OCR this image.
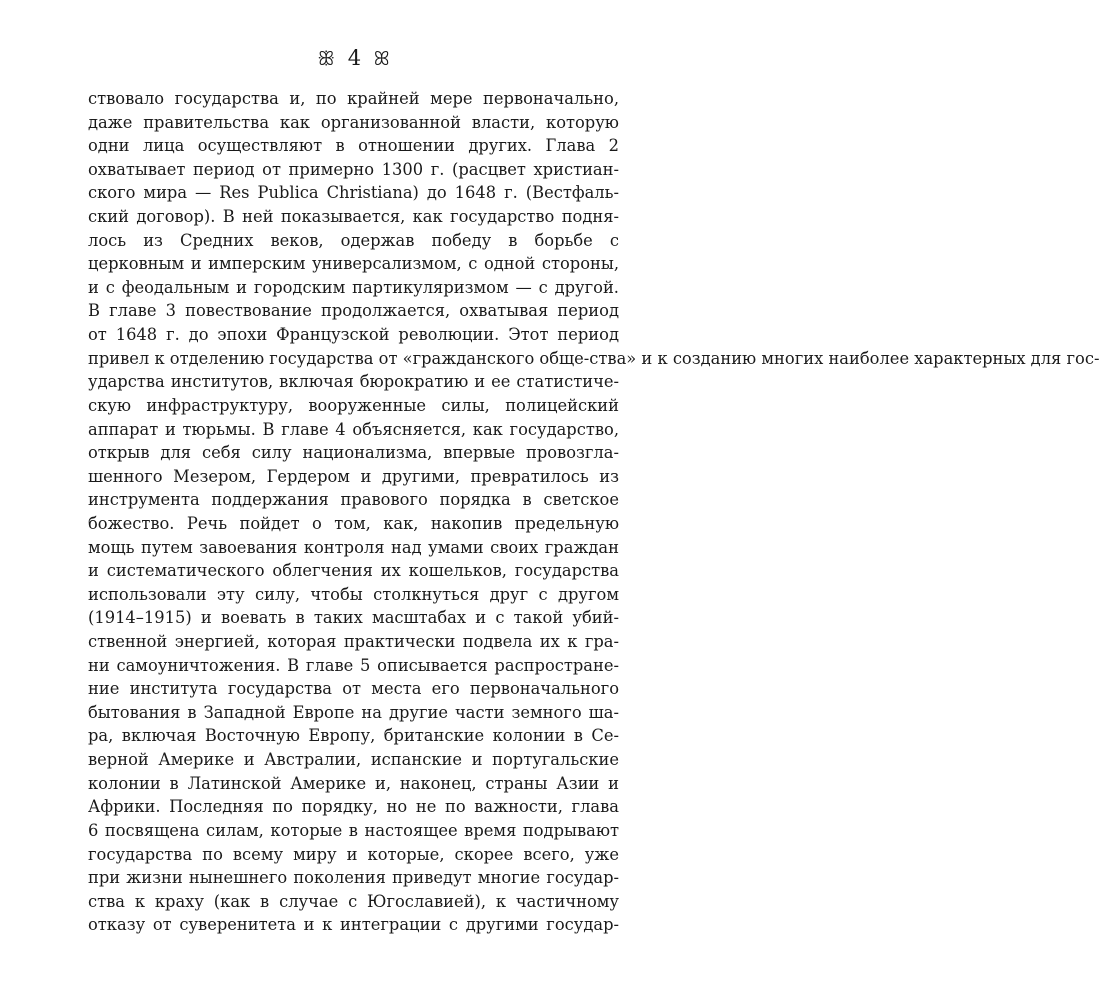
ꕥ 4 ꕤ
ствовало государства и, по крайней мере первоначально,
даже правительства как организованной власти, которую
одни лица осуществляют в отношении других. Глава 2
охватывает период от примерно 1300 г. (расцвет христиан-
ского мира — Res Publica Christiana) до 1648 г. (Вестфаль-
ский договор). В ней показывается, как государство подня-
лось из Средних веков, одержав победу в борьбе с
церковным и имперским универсализмом, с одной стороны,
и с феодальным и городским партикуляризмом — с другой.
В главе 3 повествование продолжается, охватывая период
от 1648 г. до эпохи Французской революции. Этот период
привел к отделению государства от «гражданского обще-ства» и к созданию многих наиболее характерных для гос-
ударства институтов, включая бюрократию и ее статистиче-
скую инфраструктуру, вооруженные силы, полицейский
аппарат и тюрьмы. В главе 4 объясняется, как государство,
открыв для себя силу национализма, впервые провозгла-
шенного Мезером, Гердером и другими, превратилось из
инструмента поддержания правового порядка в светское
божество. Речь пойдет о том, как, накопив предельную
мощь путем завоевания контроля над умами своих граждан
и систематического облегчения их кошельков, государства
использовали эту силу, чтобы столкнуться друг с другом
(1914–1915) и воевать в таких масштабах и с такой убий-
ственной энергией, которая практически подвела их к гра-
ни самоуничтожения. В главе 5 описывается распростране-
ние института государства от места его первоначального
бытования в Западной Европе на другие части земного ша-
ра, включая Восточную Европу, британские колонии в Се-
верной Америке и Австралии, испанские и португальские
колонии в Латинской Америке и, наконец, страны Азии и
Африки. Последняя по порядку, но не по важности, глава
6 посвящена силам, которые в настоящее время подрывают
государства по всему миру и которые, скорее всего, уже
при жизни нынешнего поколения приведут многие государ-
ства к краху (как в случае с Югославией), к частичному
отказу от суверенитета и к интеграции с другими государ-
